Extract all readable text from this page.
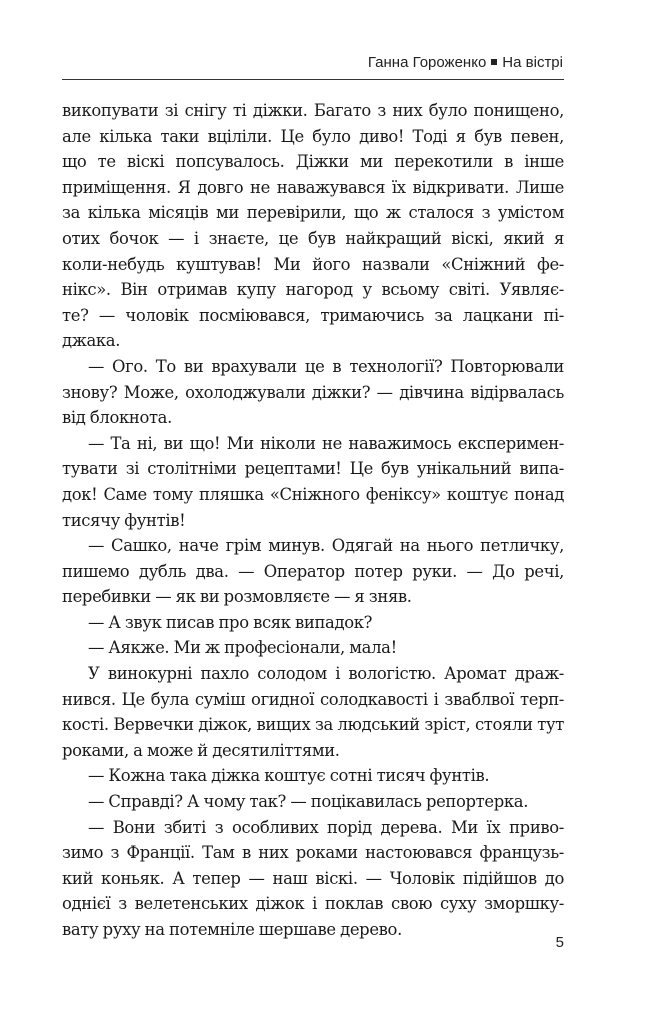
Ганна Гороженко На вістрі
викопувати зі снігу ті діжки. Багато з них було понищено,
але кілька таки вціліли. Це було диво! Тоді я був певен,
що те віскі попсувалось. Діжки ми перекотили в інше
приміщення. Я довго не наважувався їх відкривати. Лише
за кілька місяців ми перевірили, що ж сталося з умістом
отих бочок — і знаєте, це був найкращий віскі, який я
коли-небудь куштував! Ми його назвали «Сніжний фе-
нікс». Він отримав купу нагород у всьому світі. Уявляє-
те? — чоловік посміювався, тримаючись за лацкани пі-
джака.
— Ого. То ви врахували це в технології? Повторювали
знову? Може, охолоджували діжки? — дівчина відірвалась
від блокнота.
— Та ні, ви що! Ми ніколи не наважимось експеримен-
тувати зі столітніми рецептами! Це був унікальний випа-
док! Саме тому пляшка «Сніжного феніксу» коштує понад
тисячу фунтів!
— Сашко, наче грім минув. Одягай на нього петличку,
пишемо дубль два. — Оператор потер руки. — До речі,
перебивки — як ви розмовляєте — я зняв.
— А звук писав про всяк випадок?
— Аякже. Ми ж професіонали, мала!
У винокурні пахло солодом і вологістю. Аромат драж-
нився. Це була суміш огидної солодкавості і зваблвої терп-
кості. Вервечки діжок, вищих за людський зріст, стояли тут
роками, а може й десятиліттями.
— Кожна така діжка коштує сотні тисяч фунтів.
— Справді? А чому так? — поцікавилась репортерка.
— Вони збиті з особливих порід дерева. Ми їх приво-
зимо з Франції. Там в них роками настоювався французь-
кий коньяк. А тепер — наш віскі. — Чоловік підійшов до
однієї з велетенських діжок і поклав свою суху зморшку-
вату руху на потемніле шершаве дерево.
5
